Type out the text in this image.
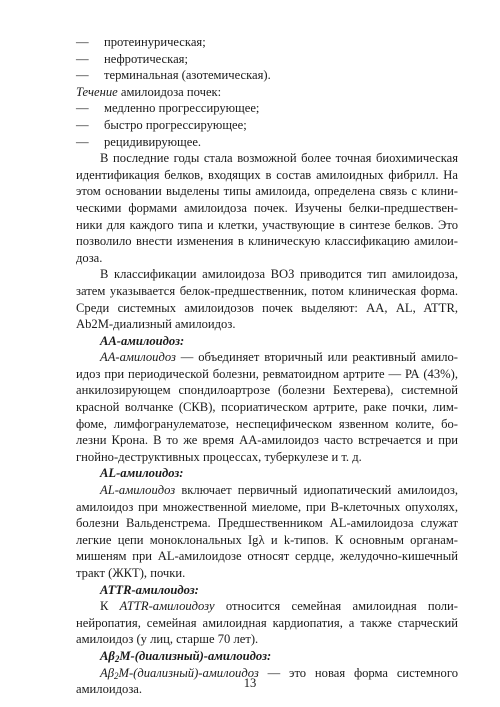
— протеинурическая;
— нефротическая;
— терминальная (азотемическая).
Течение амилоидоза почек:
— медленно прогрессирующее;
— быстро прогрессирующее;
— рецидивирующее.
В последние годы стала возможной более точная биохимическая
идентификация белков, входящих в состав амилоидных фибрилл. На
этом основании выделены типы амилоида, определена связь с клини-
ческими формами амилоидоза почек. Изучены белки-предшествен-
ники для каждого типа и клетки, участвующие в синтезе белков. Это
позволило внести изменения в клиническую классификацию амилои-
доза.
В классификации амилоидоза ВОЗ приводится тип амилоидоза,
затем указывается белок-предшественник, потом клиническая форма.
Среди системных амилоидозов почек выделяют: АА, AL, ATTR,
Ab2M-диализный амилоидоз.
АА-амилоидоз:
АА-амилоидоз — объединяет вторичный или реактивный амило-
идоз при периодической болезни, ревматоидном артрите — РА (43%),
анкилозирующем спондилоартрозе (болезни Бехтерева), системной
красной волчанке (СКВ), псориатическом артрите, раке почки, лим-
фоме, лимфогранулематозе, неспецифическом язвенном колите, бо-
лезни Крона. В то же время АА-амилоидоз часто встречается и при
гнойно-деструктивных процессах, туберкулезе и т. д.
AL-амилоидоз:
AL-амилоидоз включает первичный идиопатический амилоидоз,
амилоидоз при множественной миеломе, при В-клеточных опухолях,
болезни Вальденстрема. Предшественником AL-амилоидоза служат
легкие цепи моноклональных Igλ и k-типов. К основным органам-
мишеням при AL-амилоидозе относят сердце, желудочно-кишечный
тракт (ЖКТ), почки.
ATTR-амилоидоз:
К ATTR-амилоидозу относится семейная амилоидная поли-
нейропатия, семейная амилоидная кардиопатия, а также старческий
амилоидоз (у лиц, старше 70 лет).
$A\beta_2M-(диализный)$-амилоидоз:
$A\beta_2M-(диализный)$-амилоидоз — это новая форма системного
амилоидоза.	13
